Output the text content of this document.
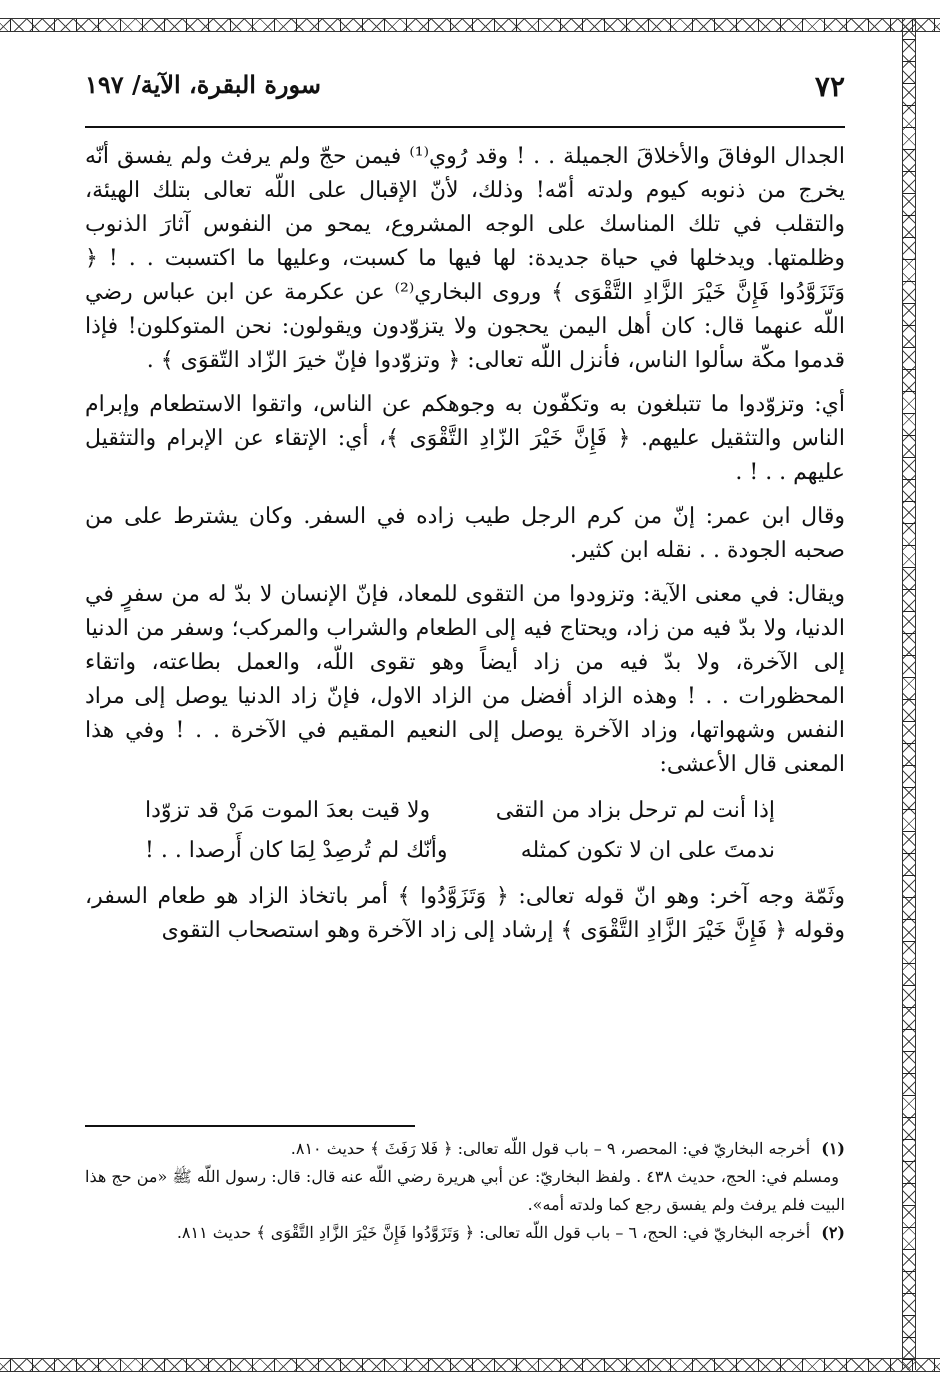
٧٢
سورة البقرة، الآية/ ١٩٧

الجدال الوفاقَ والأخلاقَ الجميلة . . ! وقد رُوي⁽¹⁾ فيمن حجّ ولم يرفث ولم يفسق أنّه يخرج من ذنوبه كيوم ولدته أمّه! وذلك، لأنّ الإقبال على اللّه تعالى بتلك الهيئة، والتقلب في تلك المناسك على الوجه المشروع، يمحو من النفوس آثارَ الذنوب وظلمتها. ويدخلها في حياة جديدة: لها فيها ما كسبت، وعليها ما اكتسبت . . ! ﴿ وَتَزَوَّدُوا فَإِنَّ خَيْرَ الزَّادِ التَّقْوَى ﴾ وروى البخاري⁽²⁾ عن عكرمة عن ابن عباس رضي اللّه عنهما قال: كان أهل اليمن يحجون ولا يتزوّدون ويقولون: نحن المتوكلون! فإذا قدموا مكّة سألوا الناس، فأنزل اللّه تعالى: ﴿ وتزوّدوا فإنّ خيرَ الزّاد التّقوَى ﴾ .

أي: وتزوّدوا ما تتبلغون به وتكفّون به وجوهكم عن الناس، واتقوا الاستطعام وإبرام الناس والتثقيل عليهم. ﴿ فَإِنَّ خَيْرَ الزّادِ التَّقْوَى ﴾، أي: الإتقاء عن الإبرام والتثقيل عليهم . . ! .

وقال ابن عمر: إنّ من كرم الرجل طيب زاده في السفر. وكان يشترط على من صحبه الجودة . . نقله ابن كثير.

ويقال: في معنى الآية: وتزودوا من التقوى للمعاد، فإنّ الإنسان لا بدّ له من سفرٍ في الدنيا، ولا بدّ فيه من زاد، ويحتاج فيه إلى الطعام والشراب والمركب؛ وسفر من الدنيا إلى الآخرة، ولا بدّ فيه من زاد أيضاً وهو تقوى اللّه، والعمل بطاعته، واتقاء المحظورات . . ! وهذه الزاد أفضل من الزاد الاول، فإنّ زاد الدنيا يوصل إلى مراد النفس وشهواتها، وزاد الآخرة يوصل إلى النعيم المقيم في الآخرة . . ! وفي هذا المعنى قال الأعشى:

إذا أنت لم ترحل بزاد من التقى
ولا قيت بعدَ الموت مَنْ قد تزوّدا
ندمتَ على ان لا تكون كمثله
وأنّك لم تُرصِدْ لِمَا كان أَرصدا . . !

وثَمّة وجه آخر: وهو انّ قوله تعالى: ﴿ وَتَزَوَّدُوا ﴾ أمر باتخاذ الزاد هو طعام السفر، وقوله ﴿ فَإِنَّ خَيْرَ الزَّادِ التَّقْوَى ﴾ إرشاد إلى زاد الآخرة وهو استصحاب التقوى

(١) أخرجه البخاريّ في: المحصر، ٩ – باب قول اللّه تعالى: ﴿ فَلا رَفَثَ ﴾ حديث ٨١٠.

ومسلم في: الحج، حديث ٤٣٨ . ولفظ البخاريّ: عن أبي هريرة رضي اللّه عنه قال: قال: رسول اللّه ﷺ «من حج هذا البيت فلم يرفث ولم يفسق رجع كما ولدته أمه».

(٢) أخرجه البخاريّ في: الحج، ٦ – باب قول اللّه تعالى: ﴿ وَتَزَوَّدُوا فَإِنَّ خَيْرَ الزَّادِ التَّقْوَى ﴾ حديث ٨١١.
